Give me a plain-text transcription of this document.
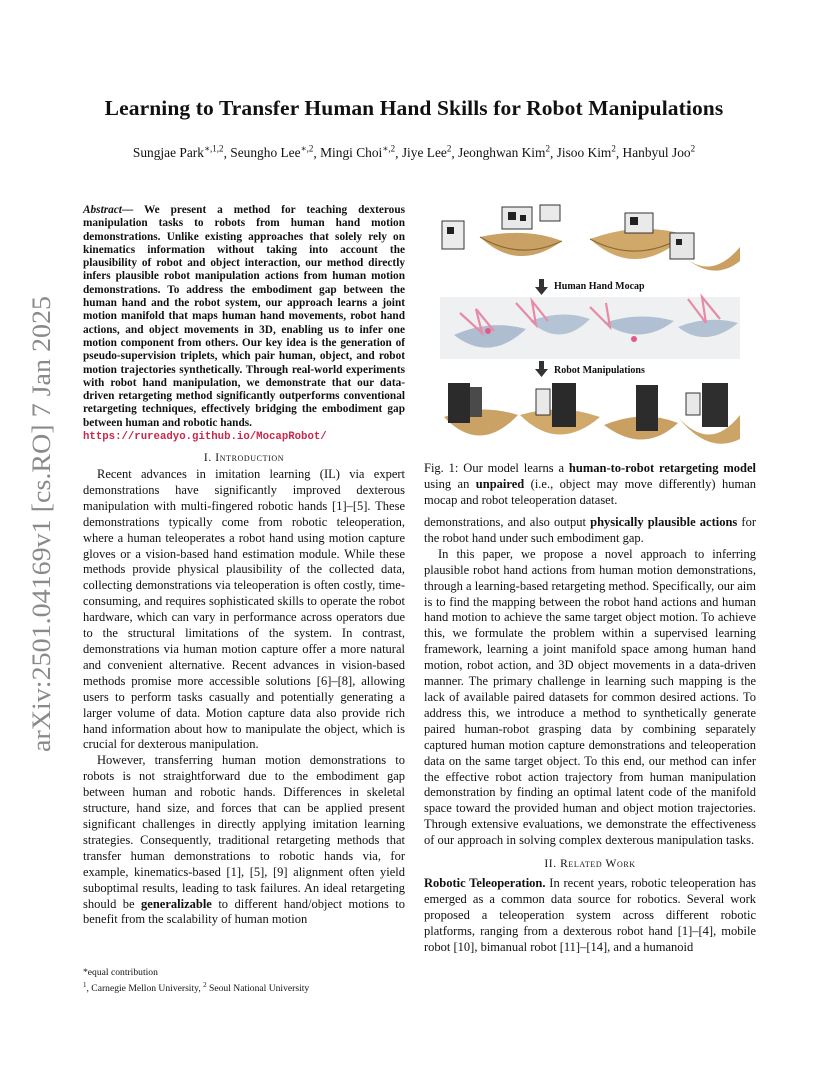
arXiv:2501.04169v1 [cs.RO] 7 Jan 2025
Learning to Transfer Human Hand Skills for Robot Manipulations
Sungjae Park$^{∗,1,2}$, Seungho Lee$^{∗,2}$, Mingi Choi$^{∗,2}$, Jiye Lee$^2$, Jeonghwan Kim$^2$, Jisoo Kim$^2$, Hanbyul Joo$^2$
Abstract— We present a method for teaching dexterous manipulation tasks to robots from human hand motion demonstrations. Unlike existing approaches that solely rely on kinematics information without taking into account the plausibility of robot and object interaction, our method directly infers plausible robot manipulation actions from human motion demonstrations. To address the embodiment gap between the human hand and the robot system, our approach learns a joint motion manifold that maps human hand movements, robot hand actions, and object movements in 3D, enabling us to infer one motion component from others. Our key idea is the generation of pseudo-supervision triplets, which pair human, object, and robot motion trajectories synthetically. Through real-world experiments with robot hand manipulation, we demonstrate that our data-driven retargeting method significantly outperforms conventional retargeting techniques, effectively bridging the embodiment gap between human and robotic hands.
https://rureadyo.github.io/MocapRobot/
I. Introduction

Recent advances in imitation learning (IL) via expert demonstrations have significantly improved dexterous manipulation with multi-fingered robotic hands [1]–[5]. These demonstrations typically come from robotic teleoperation, where a human teleoperates a robot hand using motion capture gloves or a vision-based hand estimation module. While these methods provide physical plausibility of the collected data, collecting demonstrations via teleoperation is often costly, time-consuming, and requires sophisticated skills to operate the robot hardware, which can vary in performance across operators due to the structural limitations of the system. In contrast, demonstrations via human motion capture offer a more natural and convenient alternative. Recent advances in vision-based methods promise more accessible solutions [6]–[8], allowing users to perform tasks casually and potentially generating a larger volume of data. Motion capture data also provide rich hand information about how to manipulate the object, which is crucial for dexterous manipulation.

However, transferring human motion demonstrations to robots is not straightforward due to the embodiment gap between human and robotic hands. Differences in skeletal structure, hand size, and forces that can be applied present significant challenges in directly applying imitation learning strategies. Consequently, traditional retargeting methods that transfer human demonstrations to robotic hands via, for example, kinematics-based [1], [5], [9] alignment often yield suboptimal results, leading to task failures. An ideal retargeting should be generalizable to different hand/object motions to benefit from the scalability of human motion

*equal contribution
$^1$, Carnegie Mellon University, $^2$ Seoul National University
Human Hand Mocap
Robot Manipulations
Fig. 1: Our model learns a human-to-robot retargeting model using an unpaired (i.e., object may move differently) human mocap and robot teleoperation dataset.

demonstrations, and also output physically plausible actions for the robot hand under such embodiment gap.

In this paper, we propose a novel approach to inferring plausible robot hand actions from human motion demonstrations, through a learning-based retargeting method. Specifically, our aim is to find the mapping between the robot hand actions and human hand motion to achieve the same target object motion. To achieve this, we formulate the problem within a supervised learning framework, learning a joint manifold space among human hand motion, robot action, and 3D object movements in a data-driven manner. The primary challenge in learning such mapping is the lack of available paired datasets for common desired actions. To address this, we introduce a method to synthetically generate paired human-robot grasping data by combining separately captured human motion capture demonstrations and teleoperation data on the same target object. To this end, our method can infer the effective robot action trajectory from human manipulation demonstration by finding an optimal latent code of the manifold space toward the provided human and object motion trajectories. Through extensive evaluations, we demonstrate the effectiveness of our approach in solving complex dexterous manipulation tasks.

II. Related Work

Robotic Teleoperation. In recent years, robotic teleoperation has emerged as a common data source for robotics. Several work proposed a teleoperation system across different robotic platforms, ranging from a dexterous robot hand [1]–[4], mobile robot [10], bimanual robot [11]–[14], and a humanoid
